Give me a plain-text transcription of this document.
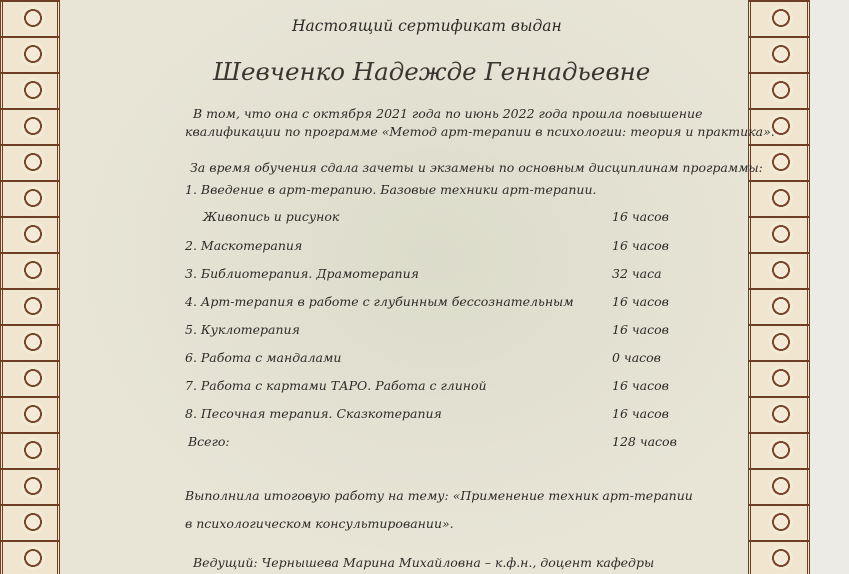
Настоящий сертификат выдан
Шевченко Надежде Геннадьевне
В том, что она с октября 2021 года по июнь 2022 года прошла повышение
квалификации по программе «Метод арт-терапии в психологии: теория и практика».
За время обучения сдала зачеты и экзамены по основным дисциплинам программы:
1. Введение в арт-терапию. Базовые техники арт-терапии.
Живопись и рисунок	16 часов
2. Маскотерапия	16 часов
3. Библиотерапия. Драмотерапия	32 часа
4. Арт-терапия в работе с глубинным бессознательным	16 часов
5. Куклотерапия	16 часов
6. Работа с мандалами	0 часов
7. Работа с картами ТАРО. Работа с глиной	16 часов
8. Песочная терапия. Сказкотерапия	16 часов
Всего:	128 часов
Выполнила итоговую работу на тему: «Применение техник арт-терапии
в психологическом консультировании».
Ведущий: Чернышева Марина Михайловна – к.ф.н., доцент кафедры
